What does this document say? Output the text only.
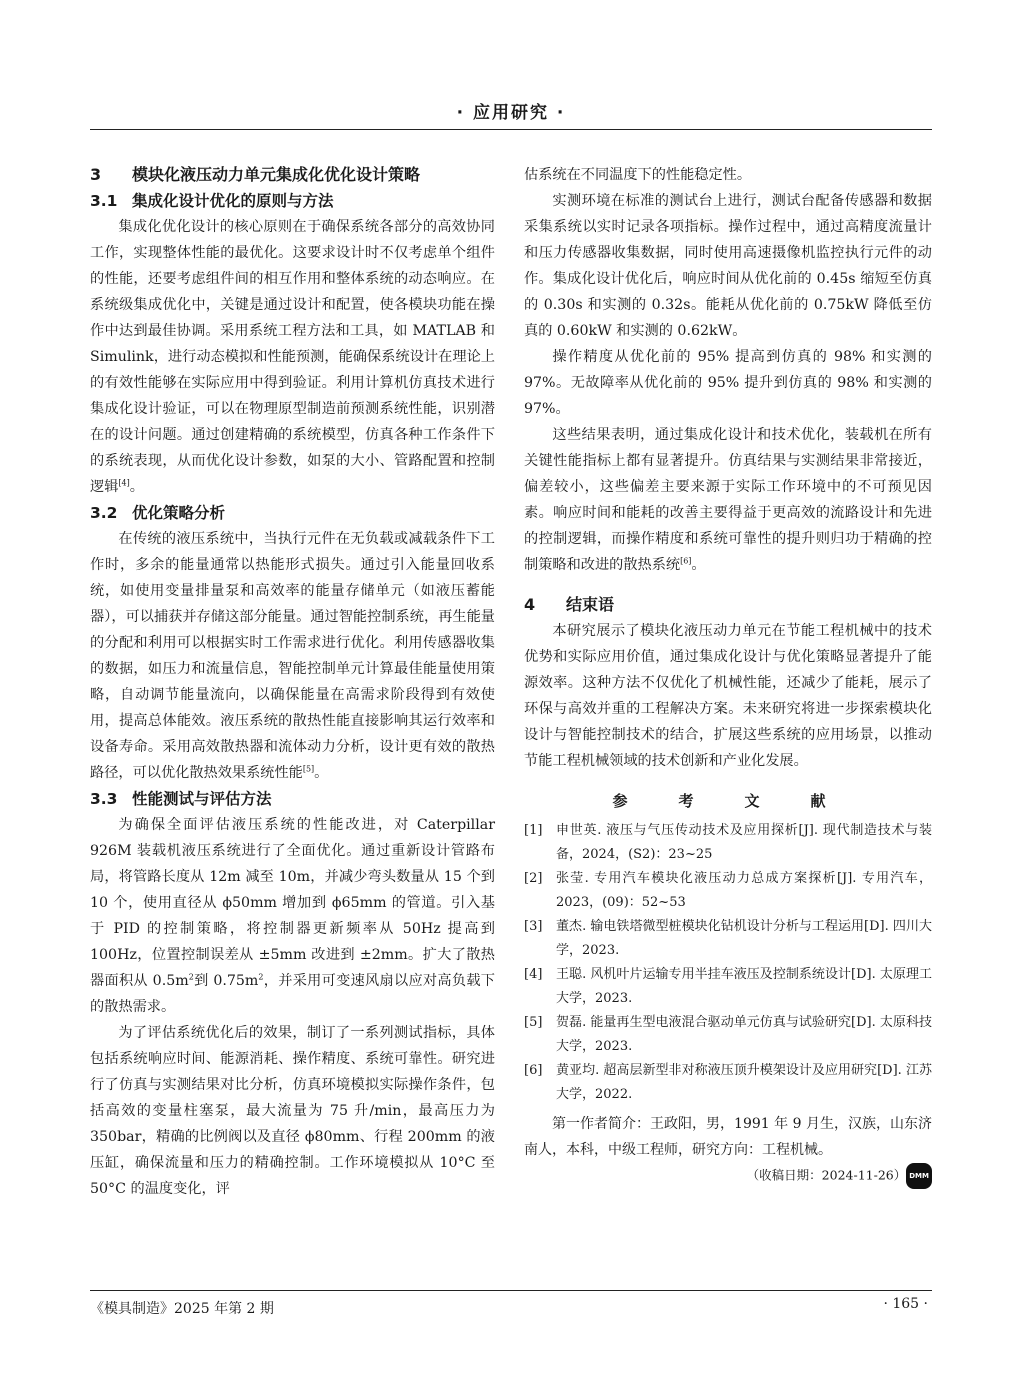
· 应用研究 ·
3 模块化液压动力单元集成化优化设计策略
3.1 集成化设计优化的原则与方法

集成化优化设计的核心原则在于确保系统各部分的高效协同工作，实现整体性能的最优化。这要求设计时不仅考虑单个组件的性能，还要考虑组件间的相互作用和整体系统的动态响应。在系统级集成优化中，关键是通过设计和配置，使各模块功能在操作中达到最佳协调。采用系统工程方法和工具，如 MATLAB 和 Simulink，进行动态模拟和性能预测，能确保系统设计在理论上的有效性能够在实际应用中得到验证。利用计算机仿真技术进行集成化设计验证，可以在物理原型制造前预测系统性能，识别潜在的设计问题。通过创建精确的系统模型，仿真各种工作条件下的系统表现，从而优化设计参数，如泵的大小、管路配置和控制逻辑[4]。

3.2 优化策略分析

在传统的液压系统中，当执行元件在无负载或减载条件下工作时，多余的能量通常以热能形式损失。通过引入能量回收系统，如使用变量排量泵和高效率的能量存储单元（如液压蓄能器），可以捕获并存储这部分能量。通过智能控制系统，再生能量的分配和利用可以根据实时工作需求进行优化。利用传感器收集的数据，如压力和流量信息，智能控制单元计算最佳能量使用策略，自动调节能量流向，以确保能量在高需求阶段得到有效使用，提高总体能效。液压系统的散热性能直接影响其运行效率和设备寿命。采用高效散热器和流体动力分析，设计更有效的散热路径，可以优化散热效果系统性能[5]。

3.3 性能测试与评估方法

为确保全面评估液压系统的性能改进，对 Caterpillar 926M 装载机液压系统进行了全面优化。通过重新设计管路布局，将管路长度从 12m 减至 10m，并减少弯头数量从 15 个到 10 个，使用直径从 ϕ50mm 增加到 ϕ65mm 的管道。引入基于 PID 的控制策略，将控制器更新频率从 50Hz 提高到 100Hz，位置控制误差从 ±5mm 改进到 ±2mm。扩大了散热器面积从 $0.5m^2$到 $0.75m^2$，并采用可变速风扇以应对高负载下的散热需求。

为了评估系统优化后的效果，制订了一系列测试指标，具体包括系统响应时间、能源消耗、操作精度、系统可靠性。研究进行了仿真与实测结果对比分析，仿真环境模拟实际操作条件，包括高效的变量柱塞泵，最大流量为 75 升/min，最高压力为 350bar，精确的比例阀以及直径 ϕ80mm、行程 200mm 的液压缸，确保流量和压力的精确控制。工作环境模拟从 10°C 至 50°C 的温度变化，评

估系统在不同温度下的性能稳定性。

实测环境在标准的测试台上进行，测试台配备传感器和数据采集系统以实时记录各项指标。操作过程中，通过高精度流量计和压力传感器收集数据，同时使用高速摄像机监控执行元件的动作。集成化设计优化后，响应时间从优化前的 0.45s 缩短至仿真的 0.30s 和实测的 0.32s。能耗从优化前的 0.75kW 降低至仿真的 0.60kW 和实测的 0.62kW。

操作精度从优化前的 95% 提高到仿真的 98% 和实测的 97%。无故障率从优化前的 95% 提升到仿真的 98% 和实测的 97%。

这些结果表明，通过集成化设计和技术优化，装载机在所有关键性能指标上都有显著提升。仿真结果与实测结果非常接近，偏差较小，这些偏差主要来源于实际工作环境中的不可预见因素。响应时间和能耗的改善主要得益于更高效的流路设计和先进的控制逻辑，而操作精度和系统可靠性的提升则归功于精确的控制策略和改进的散热系统[6]。

4 结束语

本研究展示了模块化液压动力单元在节能工程机械中的技术优势和实际应用价值，通过集成化设计与优化策略显著提升了能源效率。这种方法不仅优化了机械性能，还减少了能耗，展示了环保与高效并重的工程解决方案。未来研究将进一步探索模块化设计与智能控制技术的结合，扩展这些系统的应用场景，以推动节能工程机械领域的技术创新和产业化发展。

参　考　文　献
[1]	申世英. 液压与气压传动技术及应用探析[J]. 现代制造技术与装备，2024，(S2)：23~25
[2]	张莹. 专用汽车模块化液压动力总成方案探析[J]. 专用汽车，2023，(09)：52~53
[3]	董杰. 输电铁塔微型桩模块化钻机设计分析与工程运用[D]. 四川大学，2023.
[4]	王聪. 风机叶片运输专用半挂车液压及控制系统设计[D]. 太原理工大学，2023.
[5]	贺磊. 能量再生型电液混合驱动单元仿真与试验研究[D]. 太原科技大学，2023.
[6]	黄亚均. 超高层新型非对称液压顶升模架设计及应用研究[D]. 江苏大学，2022.
第一作者简介：王政阳，男，1991 年 9 月生，汉族，山东济南人，本科，中级工程师，研究方向：工程机械。
（收稿日期：2024-11-26） DMM
《模具制造》2025 年第 2 期	· 165 ·
